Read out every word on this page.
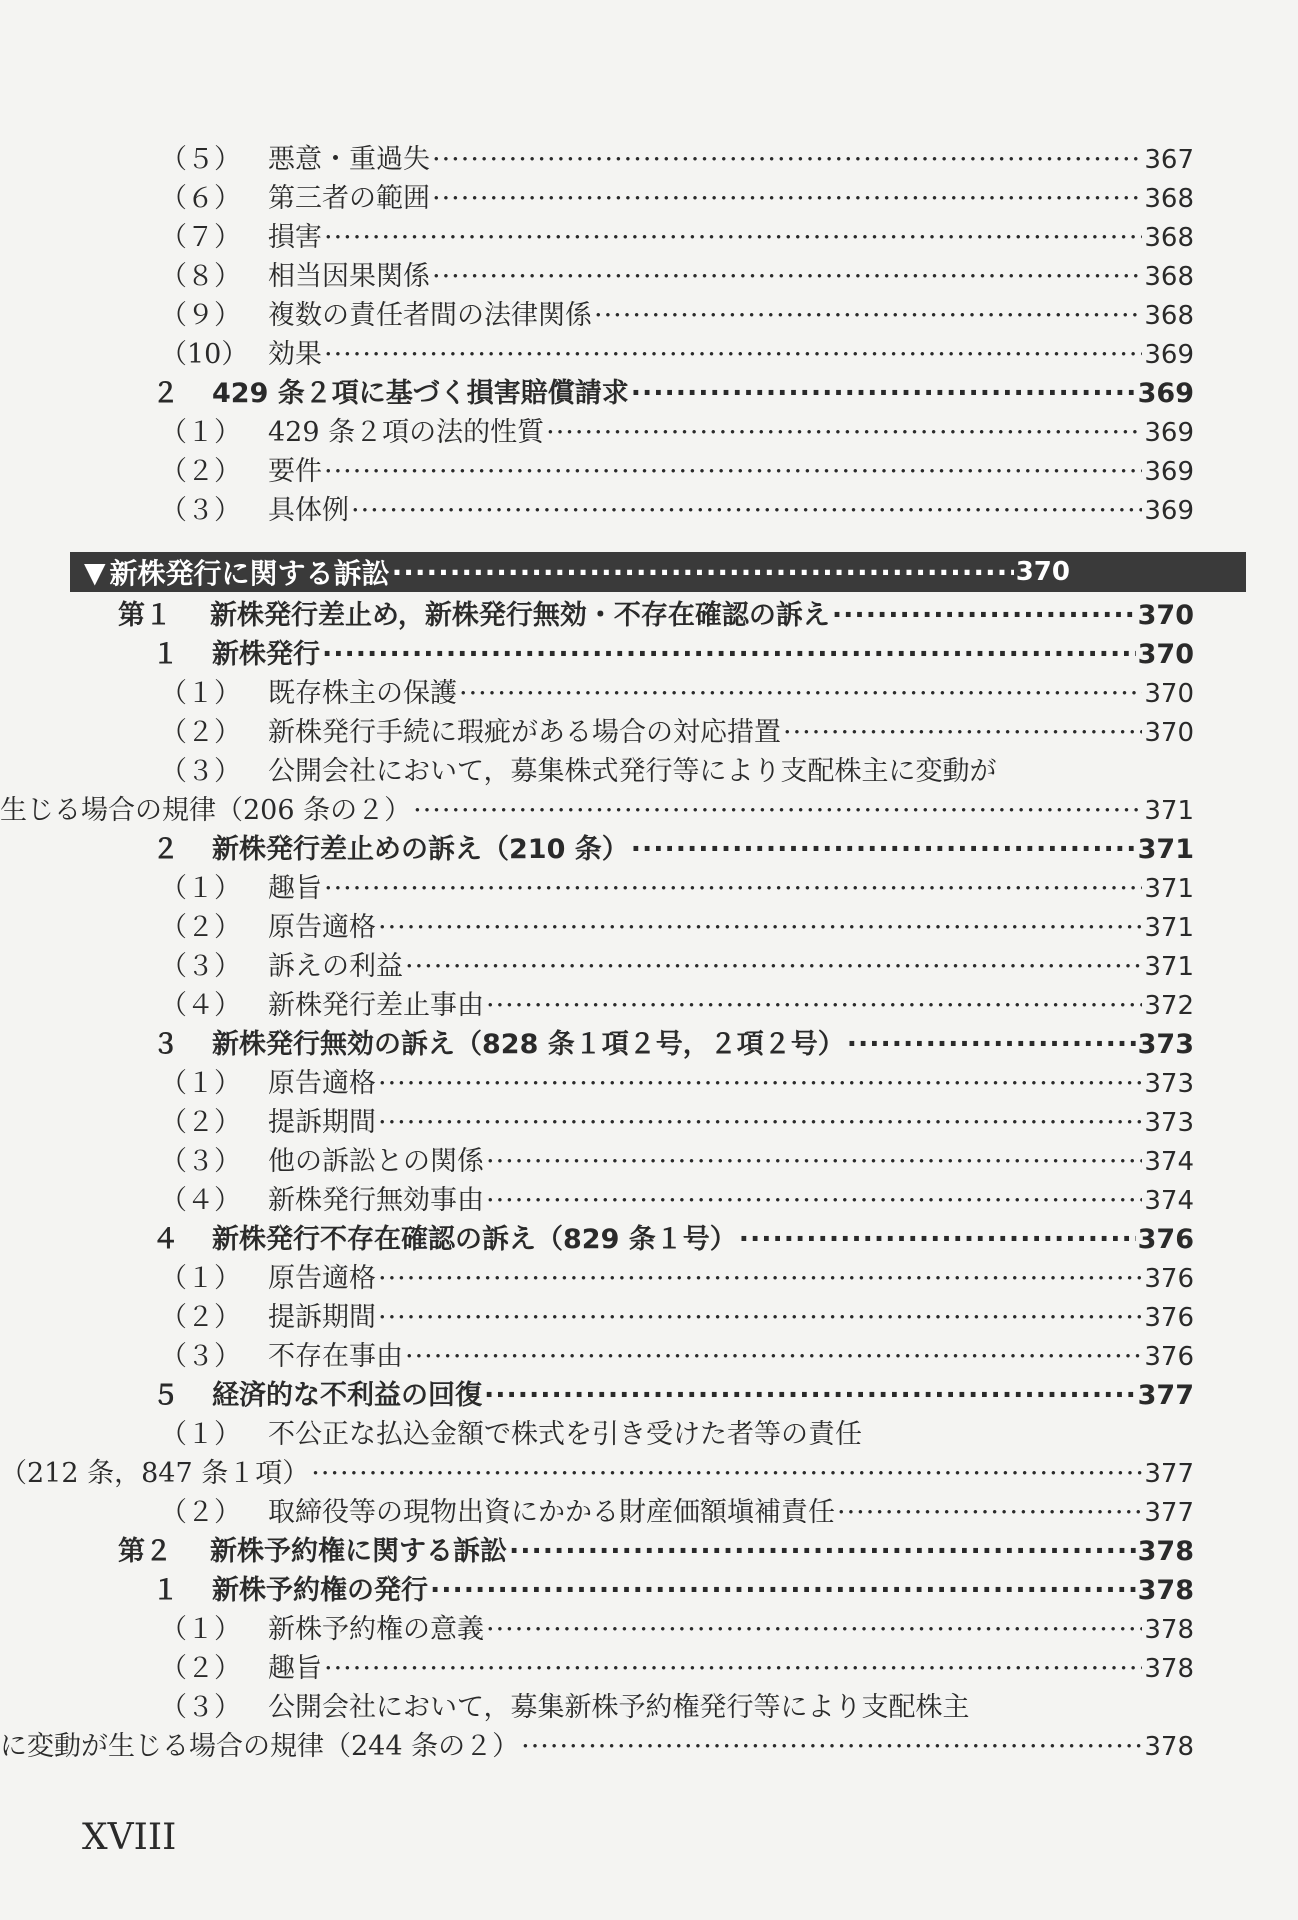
（５）	悪意・重過失 ·····	367
（６）	第三者の範囲 ·····	368
（７）	損害 ·····	368
（８）	相当因果関係 ·····	368
（９）	複数の責任者間の法律関係 ·····	368
（10） 効果 ·····	369
２	429 条２項に基づく損害賠償請求 ·····	369
（１）	429 条２項の法的性質 ·····	369
（２）	要件 ·····	369
（３）	具体例 ·····	369
▼ 新株発行に関する訴訟 ·····	370
第１	新株発行差止め，新株発行無効・不存在確認の訴え ·····	370
１	新株発行 ·····	370
（１）	既存株主の保護 ·····	370
（２）	新株発行手続に瑕疵がある場合の対応措置 ·····	370
（３）	公開会社において，募集株式発行等により支配株主に変動が
生じる場合の規律（206 条の２） ·····	371
２	新株発行差止めの訴え（210 条） ·····	371
（１）	趣旨 ·····	371
（２）	原告適格 ·····	371
（３）	訴えの利益 ·····	371
（４）	新株発行差止事由 ·····	372
３	新株発行無効の訴え（828 条１項２号，２項２号） ·····	373
（１）	原告適格 ·····	373
（２）	提訴期間 ·····	373
（３）	他の訴訟との関係 ·····	374
（４）	新株発行無効事由 ·····	374
４	新株発行不存在確認の訴え（829 条１号） ·····	376
（１）	原告適格 ·····	376
（２）	提訴期間 ·····	376
（３）	不存在事由 ·····	376
５	経済的な不利益の回復 ·····	377
（１）	不公正な払込金額で株式を引き受けた者等の責任
（212 条，847 条１項） ·····	377
（２）	取締役等の現物出資にかかる財産価額塡補責任 ·····	377
第２	新株予約権に関する訴訟 ·····	378
１	新株予約権の発行 ·····	378
（１）	新株予約権の意義 ·····	378
（２）	趣旨 ·····	378
（３）	公開会社において，募集新株予約権発行等により支配株主
に変動が生じる場合の規律（244 条の２） ·····	378
XVIII
